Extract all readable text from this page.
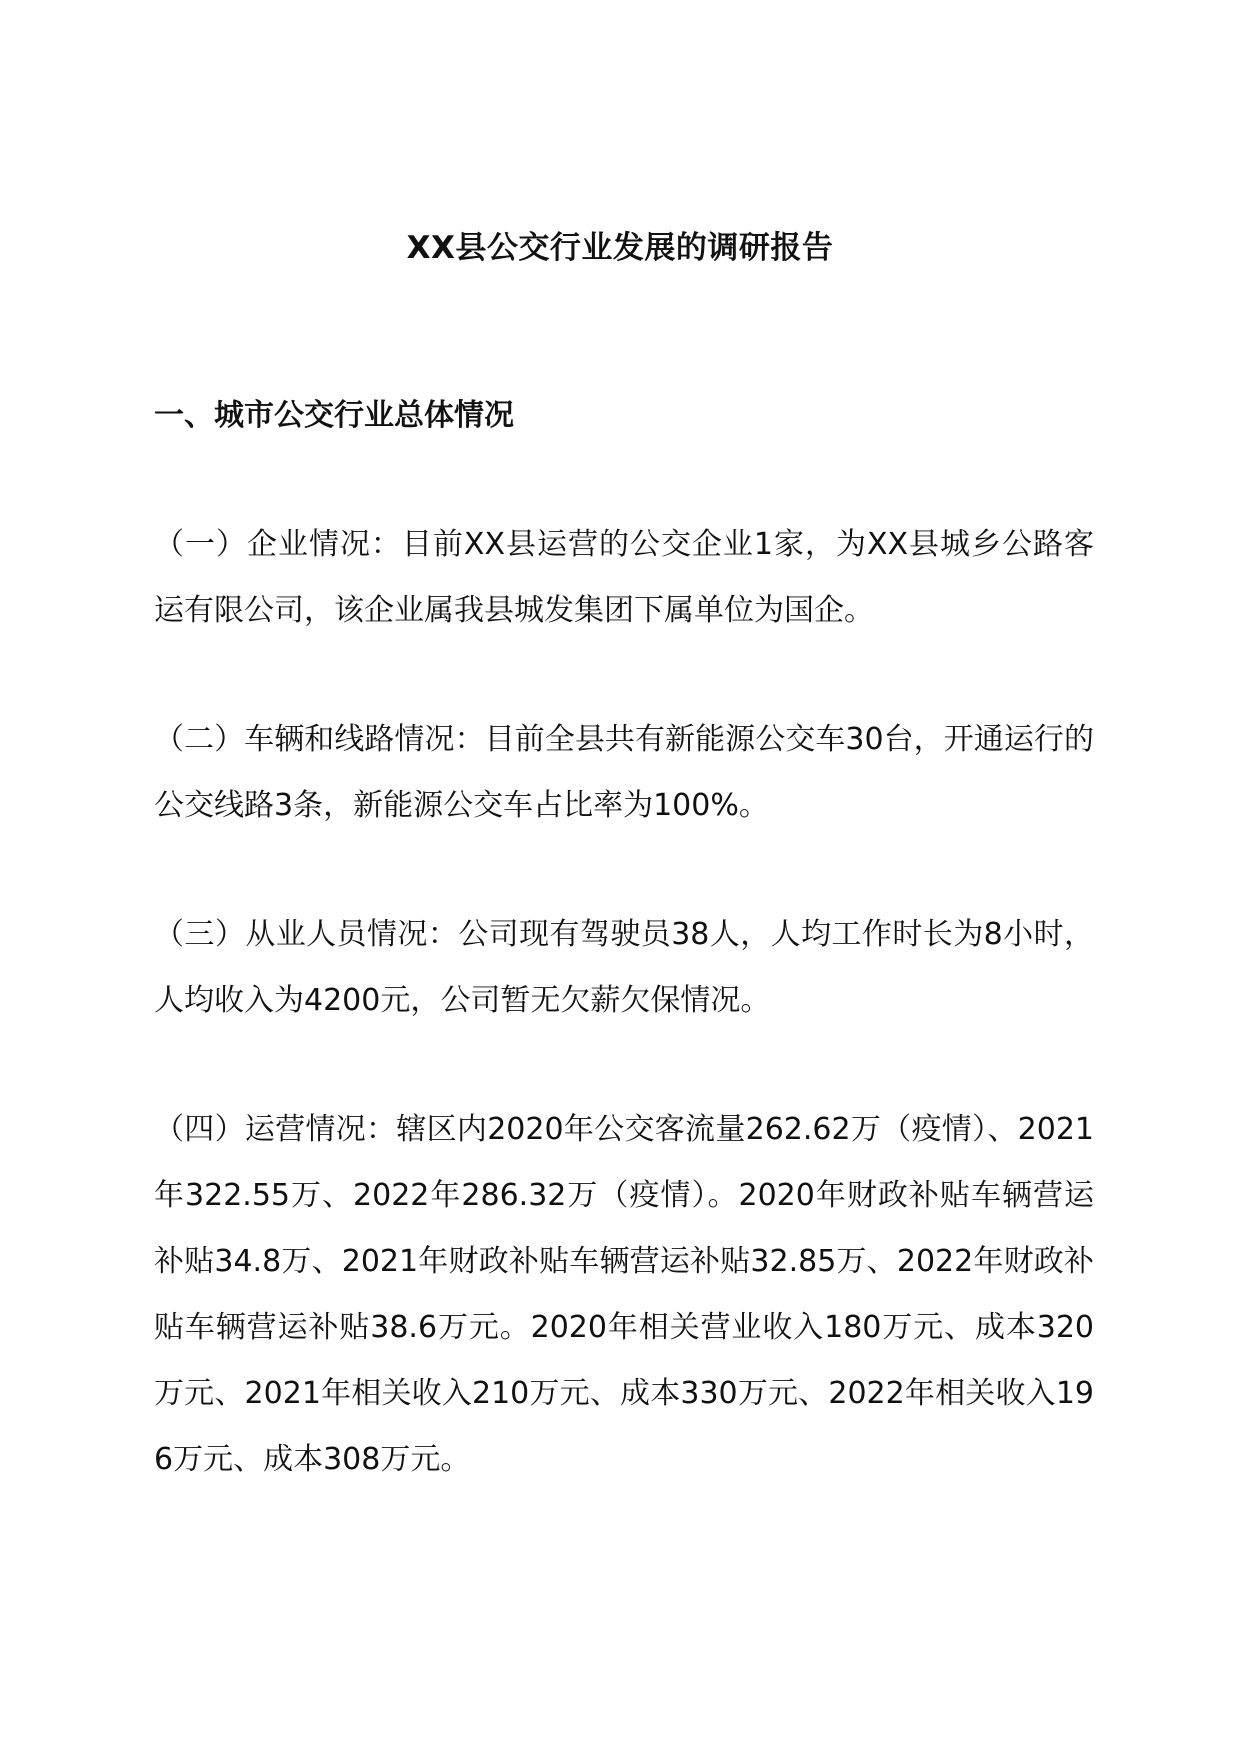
XX县公交行业发展的调研报告
一、城市公交行业总体情况

（一）企业情况：目前XX县运营的公交企业1家，为XX县城乡公路客运有限公司，该企业属我县城发集团下属单位为国企。

（二）车辆和线路情况：目前全县共有新能源公交车30台，开通运行的公交线路3条，新能源公交车占比率为100%。

（三）从业人员情况：公司现有驾驶员38人，人均工作时长为8小时，人均收入为4200元，公司暂无欠薪欠保情况。

（四）运营情况：辖区内2020年公交客流量262.62万（疫情）、2021年322.55万、2022年286.32万（疫情）。2020年财政补贴车辆营运补贴34.8万、2021年财政补贴车辆营运补贴32.85万、2022年财政补贴车辆营运补贴38.6万元。2020年相关营业收入180万元、成本320万元、2021年相关收入210万元、成本330万元、2022年相关收入196万元、成本308万元。
